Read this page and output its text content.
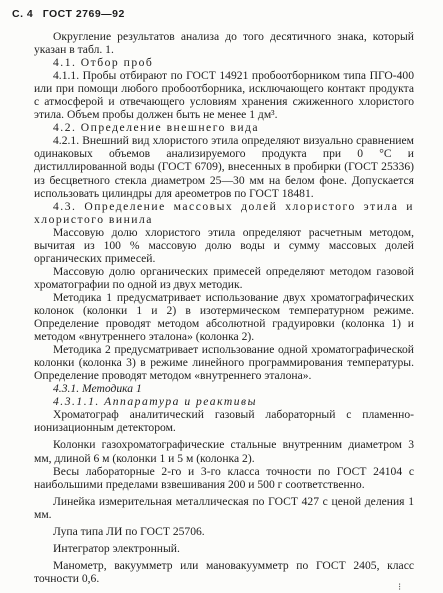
С. 4 ГОСТ 2769—92

Округление результатов анализа до того десятичного знака, который указан в табл. 1.

4.1. Отбор проб

4.1.1. Пробы отбирают по ГОСТ 14921 пробоотборником типа ПГО-400 или при помощи любого пробоотборника, исключающего контакт продукта с атмосферой и отвечающего условиям хранения сжиженного хлористого этила. Объем пробы должен быть не менее 1 дм³.

4.2. Определение внешнего вида

4.2.1. Внешний вид хлористого этила определяют визуально сравнением одинаковых объемов анализируемого продукта при 0 °С и дистиллированной воды (ГОСТ 6709), внесенных в пробирки (ГОСТ 25336) из бесцветного стекла диаметром 25—30 мм на белом фоне. Допускается использовать цилиндры для ареометров по ГОСТ 18481.

4.3. Определение массовых долей хлористого этила и хлористого винила

Массовую долю хлористого этила определяют расчетным методом, вычитая из 100 % массовую долю воды и сумму массовых долей органических примесей.

Массовую долю органических примесей определяют методом газовой хроматографии по одной из двух методик.

Методика 1 предусматривает использование двух хроматографических колонок (колонки 1 и 2) в изотермическом температурном режиме. Определение проводят методом абсолютной градуировки (колонка 1) и методом «внутреннего эталона» (колонка 2).

Методика 2 предусматривает использование одной хроматографической колонки (колонка 3) в режиме линейного программирования температуры. Определение проводят методом «внутреннего эталона».

4.3.1. Методика 1

4.3.1.1. Аппаратура и реактивы

Хроматограф аналитический газовый лабораторный с пламенно-ионизационным детектором.

Колонки газохроматографические стальные внутренним диаметром 3 мм, длиной 6 м (колонки 1 и 5 м (колонка 2).

Весы лабораторные 2-го и 3-го класса точности по ГОСТ 24104 с наибольшими пределами взвешивания 200 и 500 г соответственно.

Линейка измерительная металлическая по ГОСТ 427 с ценой деления 1 мм.

Лупа типа ЛИ по ГОСТ 25706.

Интегратор электронный.

Манометр, вакуумметр или мановакуумметр по ГОСТ 2405, класс точности 0,6.

⁝
